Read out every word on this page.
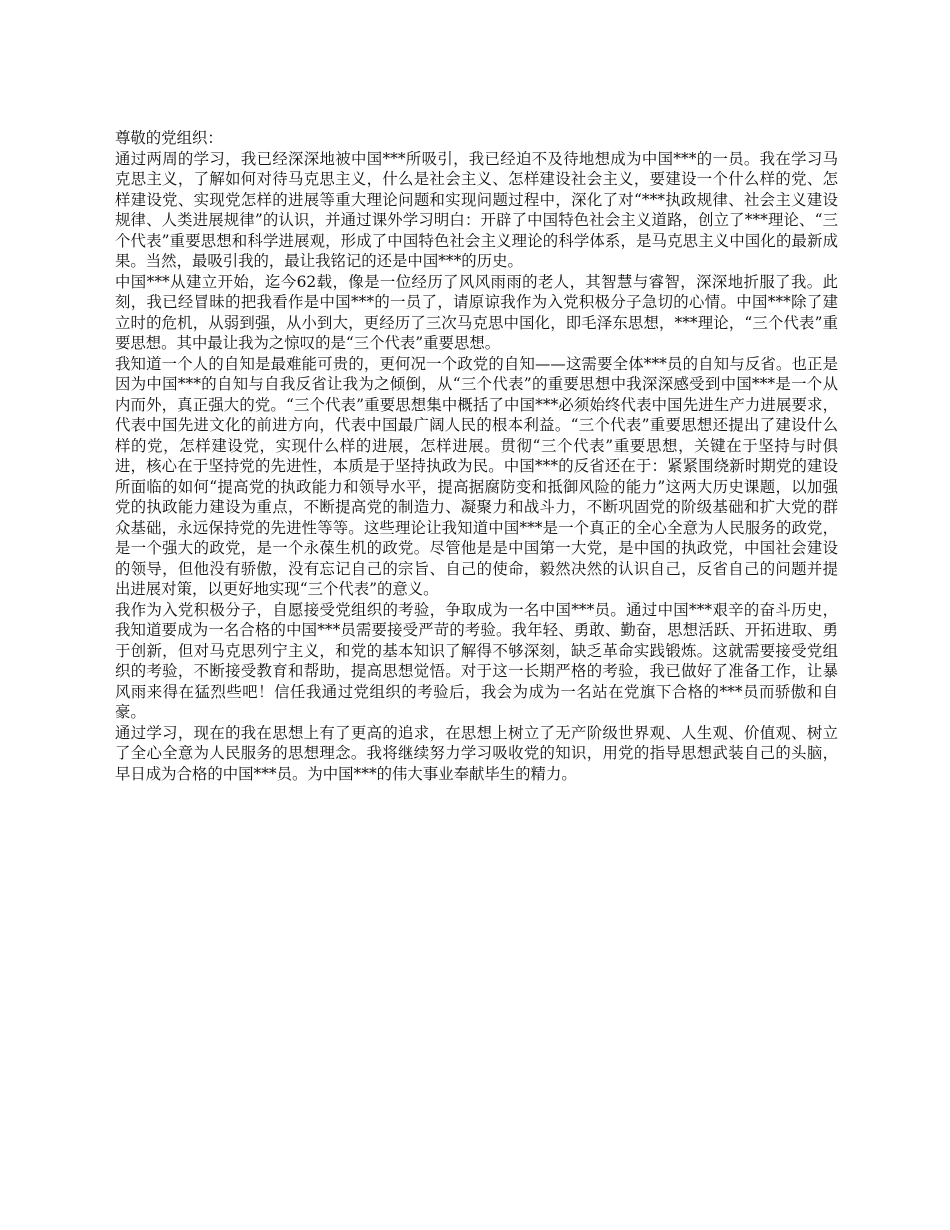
尊敬的党组织：

通过两周的学习，我已经深深地被中国***所吸引，我已经迫不及待地想成为中国***的一员。我在学习马克思主义，了解如何对待马克思主义，什么是社会主义、怎样建设社会主义，要建设一个什么样的党、怎样建设党、实现党怎样的进展等重大理论问题和实现问题过程中，深化了对“***执政规律、社会主义建设规律、人类进展规律”的认识，并通过课外学习明白：开辟了中国特色社会主义道路，创立了***理论、“三个代表”重要思想和科学进展观，形成了中国特色社会主义理论的科学体系，是马克思主义中国化的最新成果。当然，最吸引我的，最让我铭记的还是中国***的历史。

中国***从建立开始，迄今62载，像是一位经历了风风雨雨的老人，其智慧与睿智，深深地折服了我。此刻，我已经冒昧的把我看作是中国***的一员了，请原谅我作为入党积极分子急切的心情。中国***除了建立时的危机，从弱到强，从小到大，更经历了三次马克思中国化，即毛泽东思想，***理论，“三个代表”重要思想。其中最让我为之惊叹的是“三个代表”重要思想。

我知道一个人的自知是最难能可贵的，更何况一个政党的自知——这需要全体***员的自知与反省。也正是因为中国***的自知与自我反省让我为之倾倒，从“三个代表”的重要思想中我深深感受到中国***是一个从内而外，真正强大的党。“三个代表”重要思想集中概括了中国***必须始终代表中国先进生产力进展要求，代表中国先进文化的前进方向，代表中国最广阔人民的根本利益。“三个代表”重要思想还提出了建设什么样的党，怎样建设党，实现什么样的进展，怎样进展。贯彻“三个代表”重要思想，关键在于坚持与时俱进，核心在于坚持党的先进性，本质是于坚持执政为民。中国***的反省还在于：紧紧围绕新时期党的建设所面临的如何“提高党的执政能力和领导水平，提高据腐防变和抵御风险的能力”这两大历史课题，以加强党的执政能力建设为重点，不断提高党的制造力、凝聚力和战斗力，不断巩固党的阶级基础和扩大党的群众基础，永远保持党的先进性等等。这些理论让我知道中国***是一个真正的全心全意为人民服务的政党，是一个强大的政党，是一个永葆生机的政党。尽管他是是中国第一大党，是中国的执政党，中国社会建设的领导，但他没有骄傲，没有忘记自己的宗旨、自己的使命，毅然决然的认识自己，反省自己的问题并提出进展对策，以更好地实现“三个代表”的意义。

我作为入党积极分子，自愿接受党组织的考验，争取成为一名中国***员。通过中国***艰辛的奋斗历史，我知道要成为一名合格的中国***员需要接受严苛的考验。我年轻、勇敢、勤奋，思想活跃、开拓进取、勇于创新，但对马克思列宁主义，和党的基本知识了解得不够深刻，缺乏革命实践锻炼。这就需要接受党组织的考验，不断接受教育和帮助，提高思想觉悟。对于这一长期严格的考验，我已做好了准备工作，让暴风雨来得在猛烈些吧！信任我通过党组织的考验后，我会为成为一名站在党旗下合格的***员而骄傲和自豪。

通过学习，现在的我在思想上有了更高的追求，在思想上树立了无产阶级世界观、人生观、价值观、树立了全心全意为人民服务的思想理念。我将继续努力学习吸收党的知识，用党的指导思想武装自己的头脑，早日成为合格的中国***员。为中国***的伟大事业奉献毕生的精力。
